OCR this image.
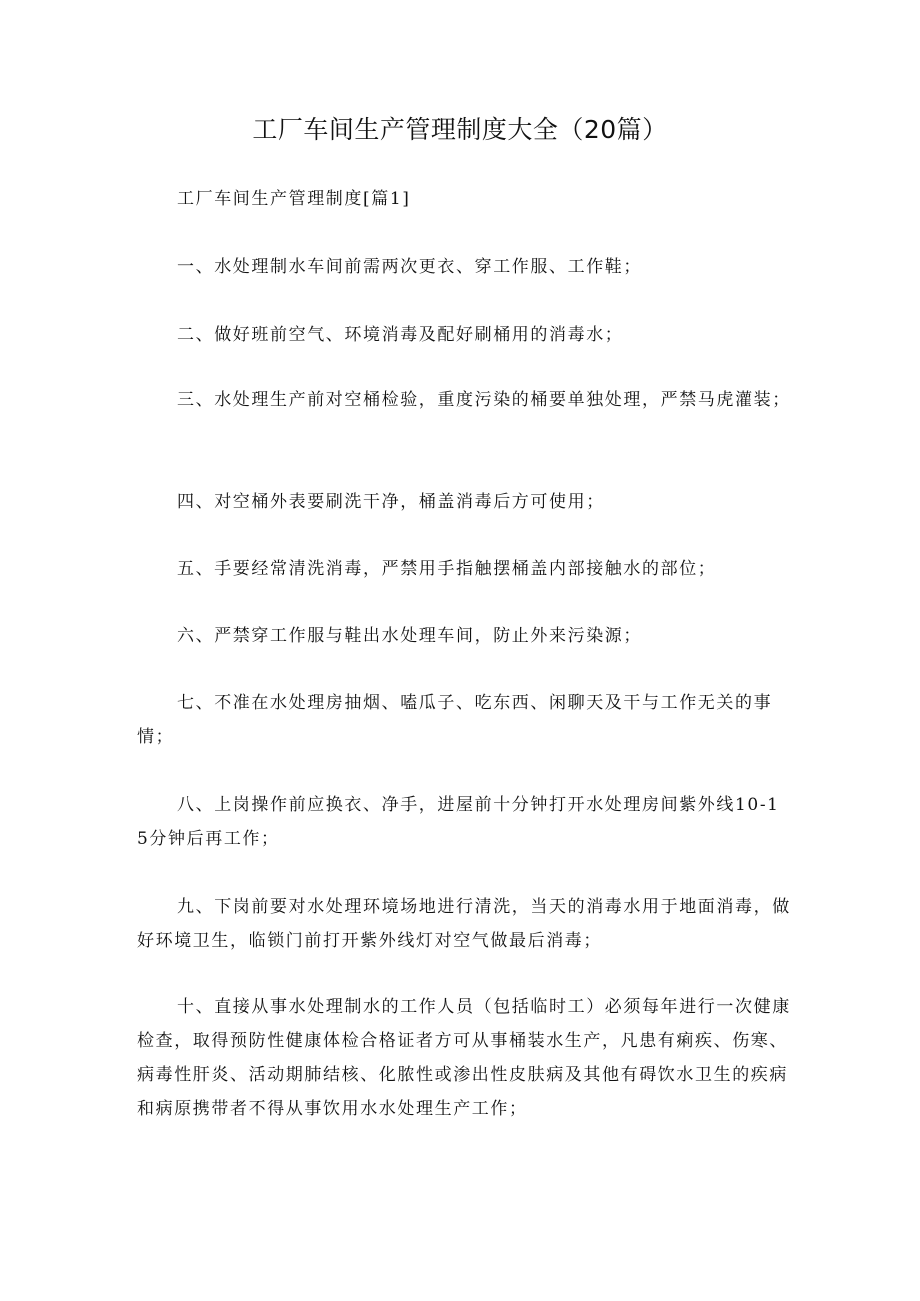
工厂车间生产管理制度大全（20篇）

工厂车间生产管理制度[篇1]

一、水处理制水车间前需两次更衣、穿工作服、工作鞋；

二、做好班前空气、环境消毒及配好刷桶用的消毒水；

三、水处理生产前对空桶检验，重度污染的桶要单独处理，严禁马虎灌装；

四、对空桶外表要刷洗干净，桶盖消毒后方可使用；

五、手要经常清洗消毒，严禁用手指触摆桶盖内部接触水的部位；

六、严禁穿工作服与鞋出水处理车间，防止外来污染源；

七、不准在水处理房抽烟、嗑瓜子、吃东西、闲聊天及干与工作无关的事情；

八、上岗操作前应换衣、净手，进屋前十分钟打开水处理房间紫外线10-15分钟后再工作；

九、下岗前要对水处理环境场地进行清洗，当天的消毒水用于地面消毒，做好环境卫生，临锁门前打开紫外线灯对空气做最后消毒；

十、直接从事水处理制水的工作人员（包括临时工）必须每年进行一次健康检查，取得预防性健康体检合格证者方可从事桶装水生产，凡患有痢疾、伤寒、病毒性肝炎、活动期肺结核、化脓性或渗出性皮肤病及其他有碍饮水卫生的疾病和病原携带者不得从事饮用水水处理生产工作；
